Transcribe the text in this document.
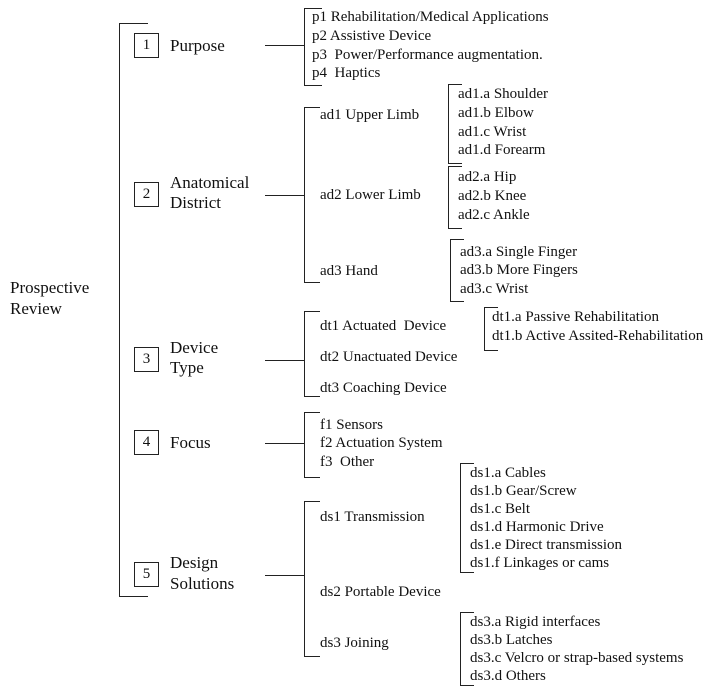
Prospective
Review
1	Purpose
p1 Rehabilitation/Medical Applications
p2 Assistive Device
p3  Power/Performance augmentation.
p4  Haptics
2
Anatomical
District
ad1 Upper Limb
ad1.a Shoulder
ad1.b Elbow
ad1.c Wrist
ad1.d Forearm
ad2 Lower Limb
ad2.a Hip
ad2.b Knee
ad2.c Ankle
ad3 Hand
ad3.a Single Finger
ad3.b More Fingers
ad3.c Wrist
3
Device
Type
dt1 Actuated  Device
dt1.a Passive Rehabilitation
dt1.b Active Assited-Rehabilitation
dt2 Unactuated Device
dt3 Coaching Device
4	Focus
f1 Sensors
f2 Actuation System
f3  Other
5
Design
Solutions
ds1 Transmission
ds1.a Cables
ds1.b Gear/Screw
ds1.c Belt
ds1.d Harmonic Drive
ds1.e Direct transmission
ds1.f Linkages or cams
ds2 Portable Device
ds3 Joining
ds3.a Rigid interfaces
ds3.b Latches
ds3.c Velcro or strap-based systems
ds3.d Others
